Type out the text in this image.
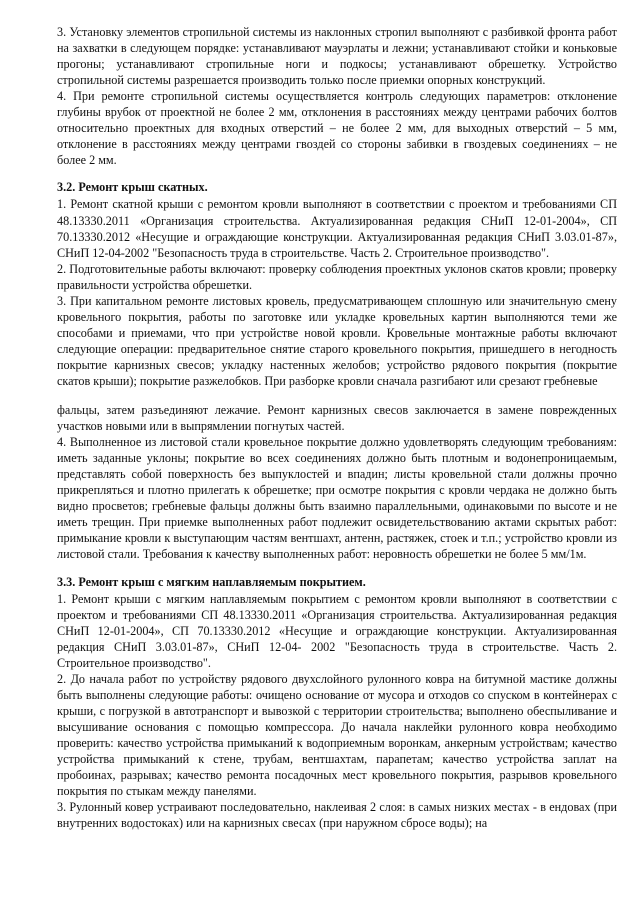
3. Установку элементов стропильной системы из наклонных стропил выполняют с разбивкой фронта работ на захватки в следующем порядке: устанавливают мауэрлаты и лежни; устанавливают стойки и коньковые прогоны; устанавливают стропильные ноги и подкосы; устанавливают обрешетку. Устройство стропильной системы разрешается производить только после приемки опорных конструкций.

4. При ремонте стропильной системы осуществляется контроль следующих параметров: отклонение глубины врубок от проектной не более 2 мм, отклонения в расстояниях между центрами рабочих болтов относительно проектных для входных отверстий – не более 2 мм, для выходных отверстий – 5 мм, отклонение в расстояниях между центрами гвоздей со стороны забивки в гвоздевых соединениях – не более 2 мм.

3.2. Ремонт крыш скатных.

1. Ремонт скатной крыши с ремонтом кровли выполняют в соответствии с проектом и требованиями СП 48.13330.2011 «Организация строительства. Актуализированная редакция СНиП 12-01-2004», СП 70.13330.2012 «Несущие и ограждающие конструкции. Актуализированная редакция СНиП 3.03.01-87», СНиП 12-04-2002 "Безопасность труда в строительстве. Часть 2. Строительное производство".

2. Подготовительные работы включают: проверку соблюдения проектных уклонов скатов кровли; проверку правильности устройства обрешетки.

3. При капитальном ремонте листовых кровель, предусматривающем сплошную или значительную смену кровельного покрытия, работы по заготовке или укладке кровельных картин выполняются теми же способами и приемами, что при устройстве новой кровли. Кровельные монтажные работы включают следующие операции: предварительное снятие старого кровельного покрытия, пришедшего в негодность покрытие карнизных свесов; укладку настенных желобов; устройство рядового покрытия (покрытие скатов крыши); покрытие разжелобков. При разборке кровли сначала разгибают или срезают гребневые

фальцы, затем разъединяют лежачие. Ремонт карнизных свесов заключается в замене поврежденных участков новыми или в выпрямлении погнутых частей.

4. Выполненное из листовой стали кровельное покрытие должно удовлетворять следующим требованиям: иметь заданные уклоны; покрытие во всех соединениях должно быть плотным и водонепроницаемым, представлять собой поверхность без выпуклостей и впадин; листы кровельной стали должны прочно прикрепляться и плотно прилегать к обрешетке; при осмотре покрытия с кровли чердака не должно быть видно просветов; гребневые фальцы должны быть взаимно параллельными, одинаковыми по высоте и не иметь трещин. При приемке выполненных работ подлежит освидетельствованию актами скрытых работ: примыкание кровли к выступающим частям вентшахт, антенн, растяжек, стоек и т.п.; устройство кровли из листовой стали. Требования к качеству выполненных работ: неровность обрешетки не более 5 мм/1м.

3.3. Ремонт крыш с мягким наплавляемым покрытием.

1. Ремонт крыши с мягким наплавляемым покрытием с ремонтом кровли выполняют в соответствии с проектом и требованиями СП 48.13330.2011 «Организация строительства. Актуализированная редакция СНиП 12-01-2004», СП 70.13330.2012 «Несущие и ограждающие конструкции. Актуализированная редакция СНиП 3.03.01-87», СНиП 12-04- 2002 "Безопасность труда в строительстве. Часть 2. Строительное производство".

2. До начала работ по устройству рядового двухслойного рулонного ковра на битумной мастике должны быть выполнены следующие работы: очищено основание от мусора и отходов со спуском в контейнерах с крыши, с погрузкой в автотранспорт и вывозкой с территории строительства; выполнено обеспыливание и высушивание основания с помощью компрессора. До начала наклейки рулонного ковра необходимо проверить: качество устройства примыканий к водоприемным воронкам, анкерным устройствам; качество устройства примыканий к стене, трубам, вентшахтам, парапетам; качество устройства заплат на пробоинах, разрывах; качество ремонта посадочных мест кровельного покрытия, разрывов кровельного покрытия по стыкам между панелями.

3. Рулонный ковер устраивают последовательно, наклеивая 2 слоя: в самых низких местах - в ендовах (при внутренних водостоках) или на карнизных свесах (при наружном сбросе воды); на
